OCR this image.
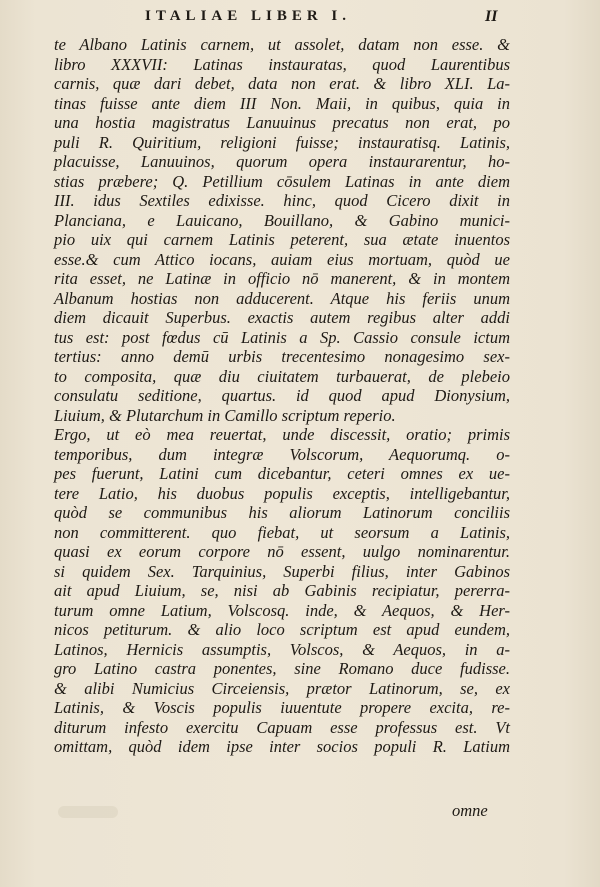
ITALIAE LIBER I.	II
te Albano Latinis carnem, ut assolet, datam non esse. &
libro XXXVII: Latinas instauratas, quod Laurentibus
carnis, quæ dari debet, data non erat. & libro XLI. La-
tinas fuisse ante diem III Non. Maii, in quibus, quia in
una hostia magistratus Lanuuinus precatus non erat, po
puli R. Quiritium, religioni fuisse; instauratisq. Latinis,
placuisse, Lanuuinos, quorum opera instaurarentur, ho-
stias præbere; Q. Petillium cōsulem Latinas in ante diem
III. idus Sextiles edixisse. hinc, quod Cicero dixit in
Planciana, e Lauicano, Bouillano, & Gabino munici-
pio uix qui carnem Latinis peterent, sua ætate inuentos
esse.& cum Attico iocans, auiam eius mortuam, quòd ue
rita esset, ne Latinæ in officio nō manerent, & in montem
Albanum hostias non adducerent. Atque his feriis unum
diem dicauit Superbus. exactis autem regibus alter addi
tus est: post fœdus cū Latinis a Sp. Cassio consule ictum
tertius: anno demū urbis trecentesimo nonagesimo sex-
to composita, quæ diu ciuitatem turbauerat, de plebeio
consulatu seditione, quartus. id quod apud Dionysium,
Liuium, & Plutarchum in Camillo scriptum reperio.
Ergo, ut eò mea reuertat, unde discessit, oratio; primis
temporibus, dum integræ Volscorum, Aequorumq. o-
pes fuerunt, Latini cum dicebantur, ceteri omnes ex ue-
tere Latio, his duobus populis exceptis, intelligebantur,
quòd se communibus his aliorum Latinorum conciliis
non committerent. quo fiebat, ut seorsum a Latinis,
quasi ex eorum corpore nō essent, uulgo nominarentur.
si quidem Sex. Tarquinius, Superbi filius, inter Gabinos
ait apud Liuium, se, nisi ab Gabinis recipiatur, pererra-
turum omne Latium, Volscosq. inde, & Aequos, & Her-
nicos petiturum. & alio loco scriptum est apud eundem,
Latinos, Hernicis assumptis, Volscos, & Aequos, in a-
gro Latino castra ponentes, sine Romano duce fudisse.
& alibi Numicius Circeiensis, prætor Latinorum, se, ex
Latinis, & Voscis populis iuuentute propere excita, re-
diturum infesto exercitu Capuam esse professus est. Vt
omittam, quòd idem ipse inter socios populi R. Latium
omne
